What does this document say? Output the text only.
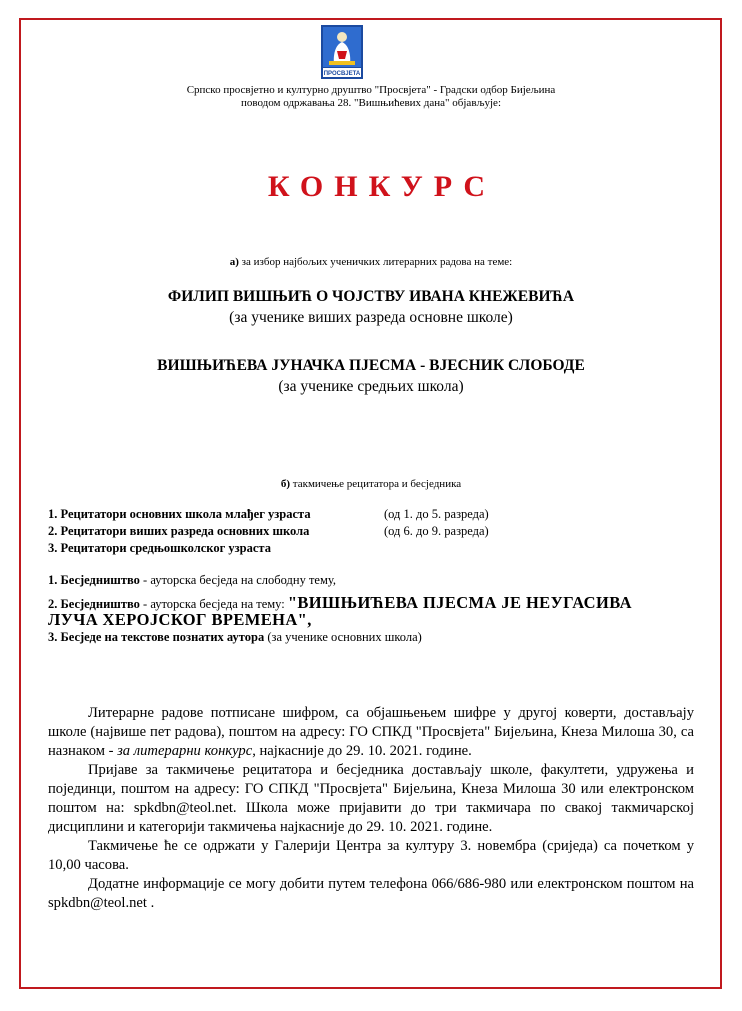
ПРОСВЈЕТА
Српско просвјетно и културно друштво "Просвјета" - Градски одбор Бијељина
поводом одржавања 28. "Вишњићевих дана" објављује:
КОНКУРС
а) за избор најбољих ученичких литерарних радова на теме:
ФИЛИП ВИШЊИЋ О ЧОЈСТВУ ИВАНА КНЕЖЕВИЋА
(за ученике виших разреда основне школе)
ВИШЊИЋЕВА ЈУНАЧКА ПЈЕСМА - ВЈЕСНИК СЛОБОДЕ
(за ученике средњих школа)
б) такмичење рецитатора и бесједника
1. Рецитатори основних школа млађег узраста	(од 1. до 5. разреда)
2. Рецитатори виших разреда основних школа	(од 6. до 9. разреда)
3. Рецитатори средњошколског узраста
1. Бесједништво - ауторска бесједа на слободну тему,
2. Бесједништво - ауторска бесједа на тему: "ВИШЊИЋЕВА ПЈЕСМА ЈЕ НЕУГАСИВА
ЛУЧА ХЕРОЈСКОГ ВРЕМЕНА",
3. Бесједе на текстове познатих аутора (за ученике основних школа)

Литерарне радове потписане шифром, са објашњењем шифре у другој коверти, достављају школе (највише пет радова), поштом на адресу: ГО СПКД "Просвјета" Бијељина, Кнеза Милоша 30, са назнаком - за литерарни конкурс, најкасније до 29. 10. 2021. године.

Пријаве за такмичење рецитатора и бесједника достављају школе, факултети, удружења и појединци, поштом на адресу: ГО СПКД "Просвјета" Бијељина, Кнеза Милоша 30 или електронском поштом на: spkdbn@teol.net. Школа може пријавити до три такмичара по свакој такмичарској дисциплини и категорији такмичења најкасније до 29. 10. 2021. године.

Такмичење ће се одржати у Галерији Центра за културу 3. новембра (сриједа) са почетком у 10,00 часова.

Додатне информације се могу добити путем телефона 066/686-980 или електронском поштом на spkdbn@teol.net .
